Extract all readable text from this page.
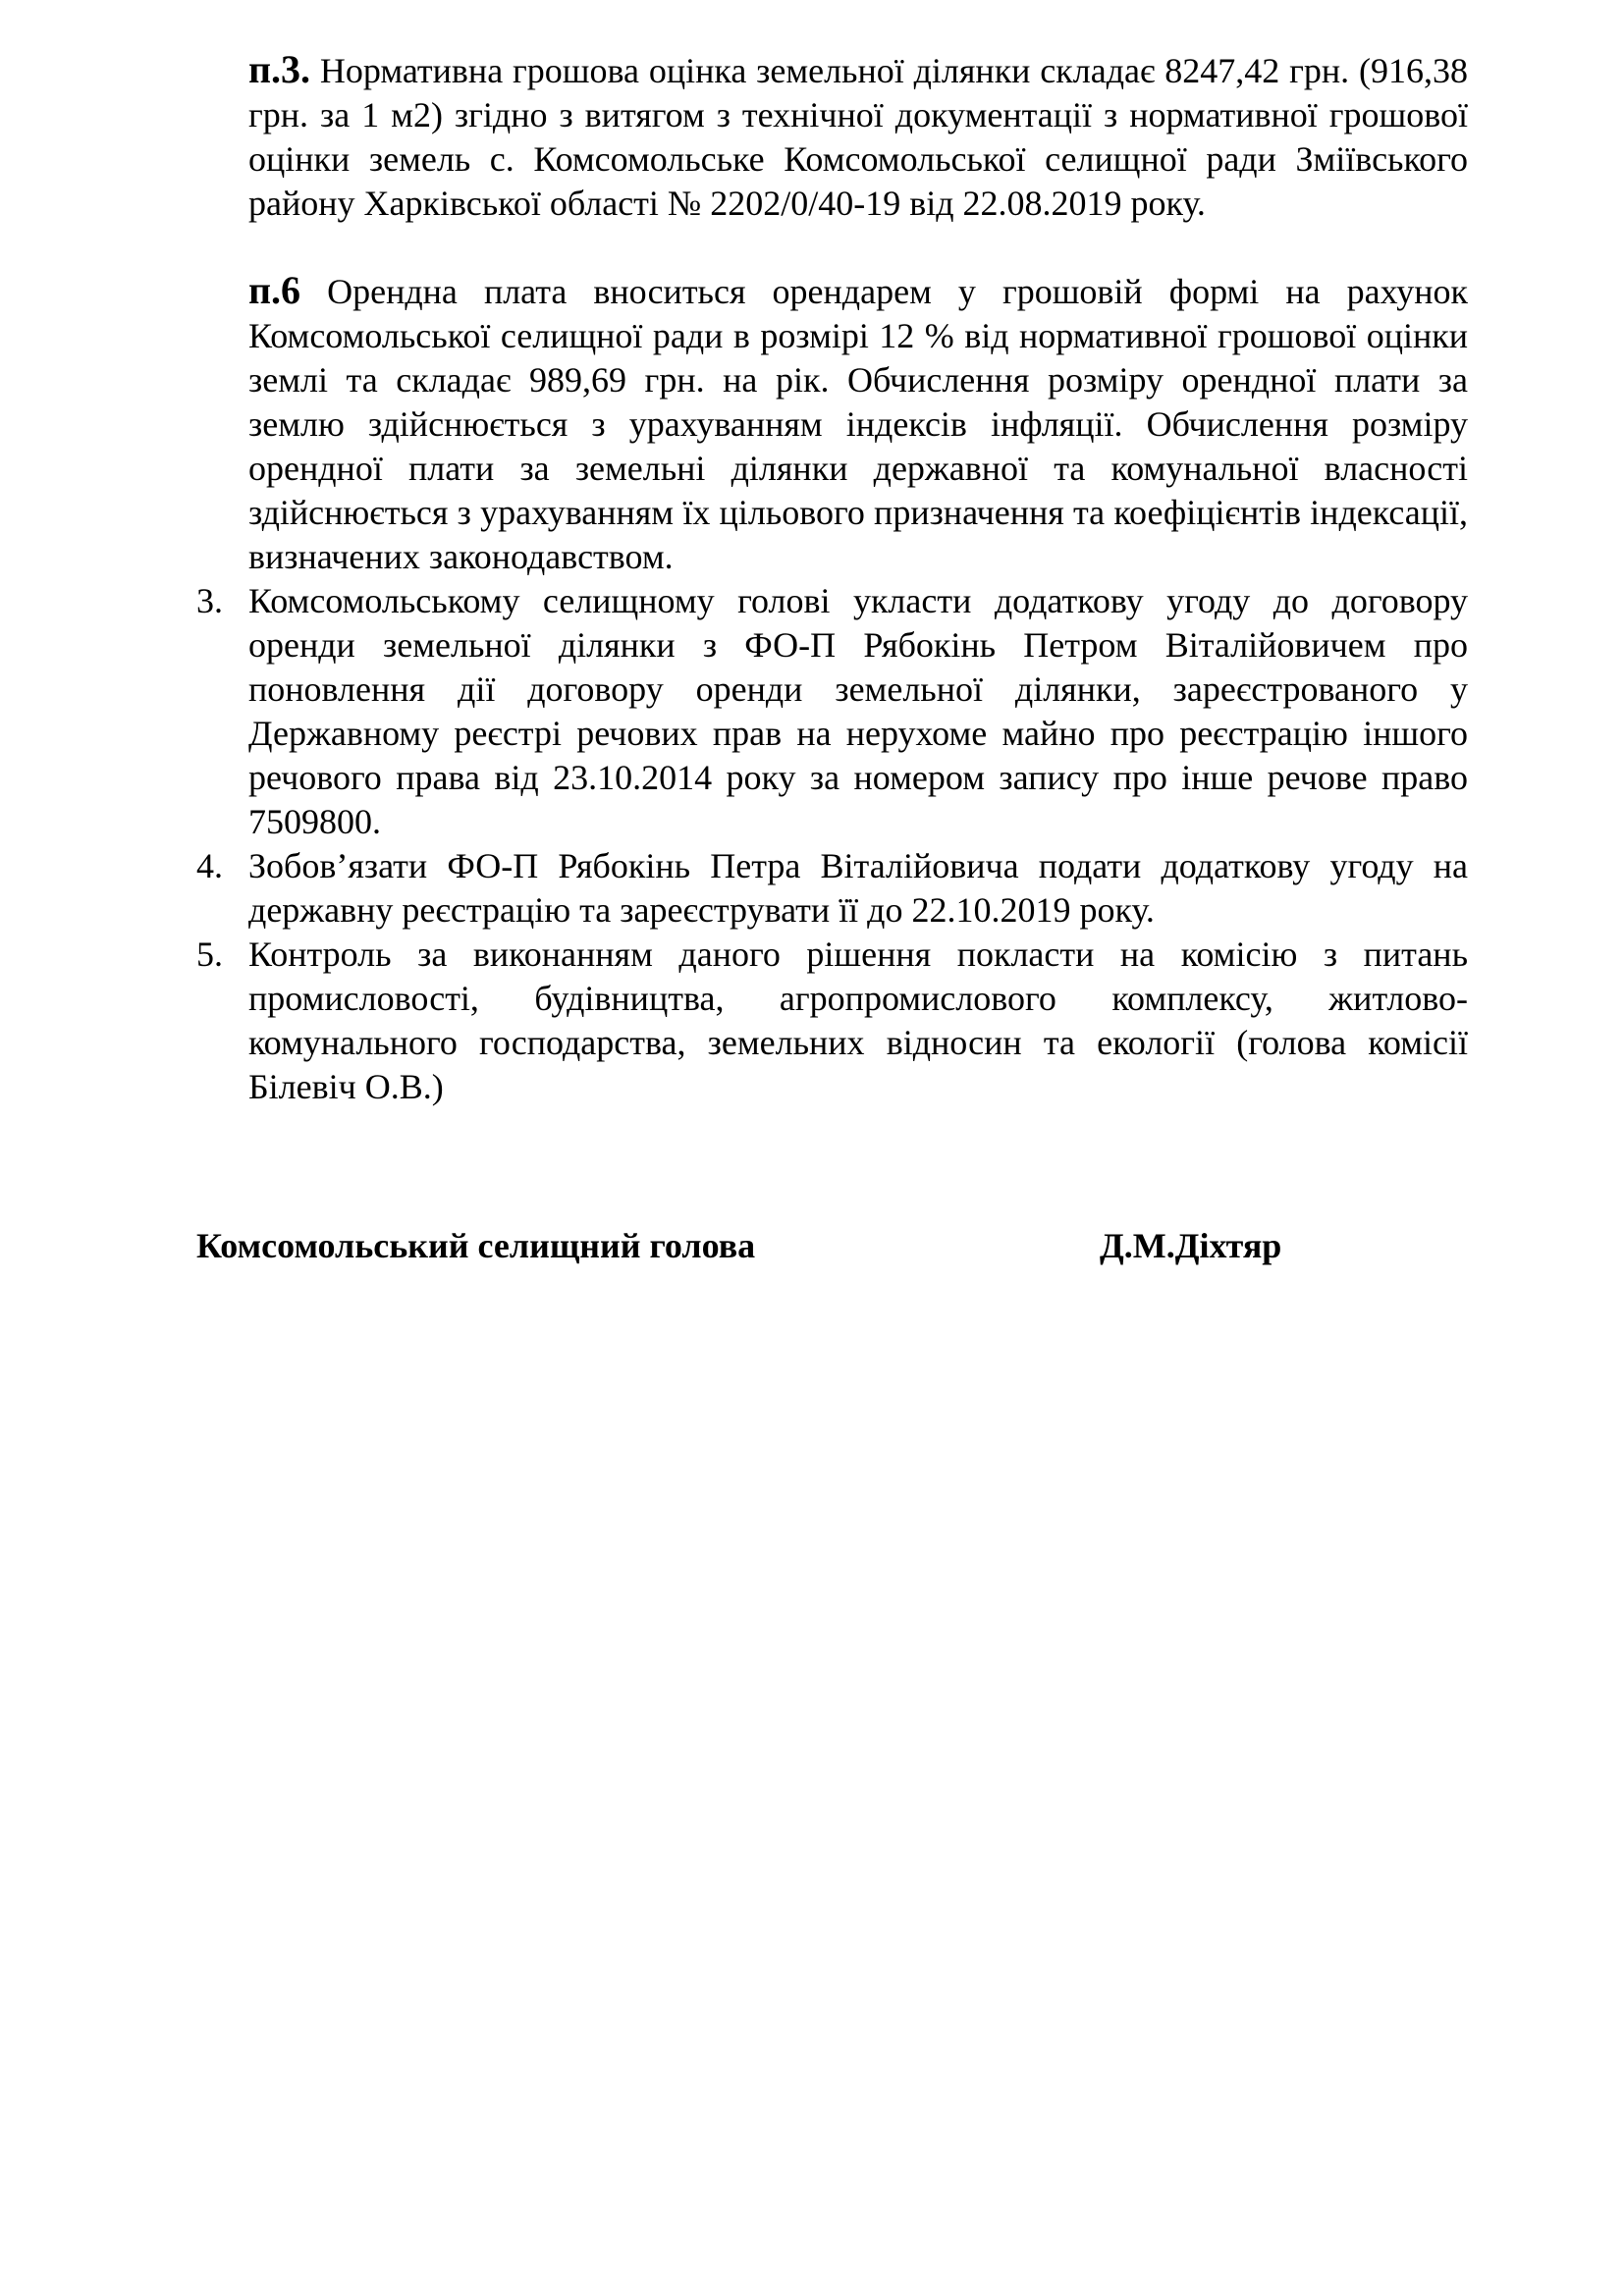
п.3. Нормативна грошова оцінка земельної ділянки складає 8247,42 грн. (916,38 грн. за 1 м2) згідно з витягом з технічної документації з нормативної грошової оцінки земель с. Комсомольське Комсомольської селищної ради Зміївського району Харківської області № 2202/0/40-19 від 22.08.2019 року.
п.6 Орендна плата вноситься орендарем у грошовій формі на рахунок Комсомольської селищної ради в розмірі 12 % від нормативної грошової оцінки землі та складає 989,69 грн. на рік. Обчислення розміру орендної плати за землю здійснюється з урахуванням індексів інфляції. Обчислення розміру орендної плати за земельні ділянки державної та комунальної власності здійснюється з урахуванням їх цільового призначення та коефіцієнтів індексації, визначених законодавством.
3. Комсомольському селищному голові укласти додаткову угоду до договору оренди земельної ділянки з ФО-П Рябокінь Петром Віталійовичем про поновлення дії договору оренди земельної ділянки, зареєстрованого у Державному реєстрі речових прав на нерухоме майно про реєстрацію іншого речового права від 23.10.2014 року за номером запису про інше речове право 7509800.
4. Зобов’язати ФО-П Рябокінь Петра Віталійовича подати додаткову угоду на державну реєстрацію та зареєструвати її до 22.10.2019 року.
5. Контроль за виконанням даного рішення покласти на комісію з питань промисловості, будівництва, агропромислового комплексу, житлово-комунального господарства, земельних відносин та екології (голова комісії Білевіч О.В.)
Комсомольський селищний голова	Д.М.Діхтяр
